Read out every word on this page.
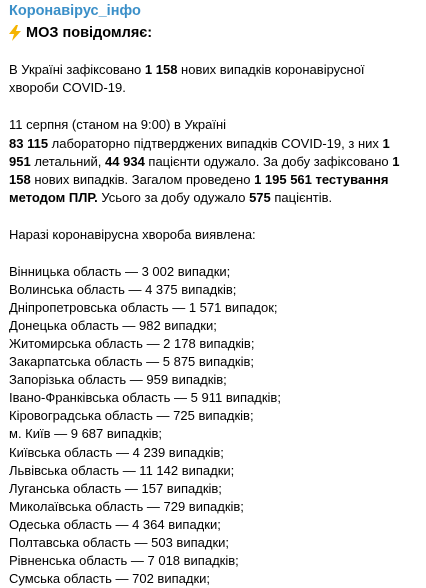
Коронавірус_інфо
МОЗ повідомляє:
В Україні зафіксовано 1 158 нових випадків коронавірусної
хвороби COVID-19.
11 серпня (станом на 9:00) в Україні
83 115 лабораторно підтверджених випадків COVID-19, з них 1
951 летальний, 44 934 пацієнти одужало. За добу зафіксовано 1
158 нових випадків. Загалом проведено 1 195 561 тестування
методом ПЛР. Усього за добу одужало 575 пацієнтів.
Наразі коронавірусна хвороба виявлена:
Вінницька область — 3 002 випадки;
Волинська область — 4 375 випадків;
Дніпропетровська область — 1 571 випадок;
Донецька область — 982 випадки;
Житомирська область — 2 178 випадків;
Закарпатська область — 5 875 випадків;
Запорізька область — 959 випадків;
Івано-Франківська область — 5 911 випадків;
Кіровоградська область — 725 випадків;
м. Київ — 9 687 випадків;
Київська область — 4 239 випадків;
Львівська область — 11 142 випадки;
Луганська область — 157 випадків;
Миколаївська область — 729 випадків;
Одеська область — 4 364 випадки;
Полтавська область — 503 випадки;
Рівненська область — 7 018 випадків;
Сумська область — 702 випадки;
